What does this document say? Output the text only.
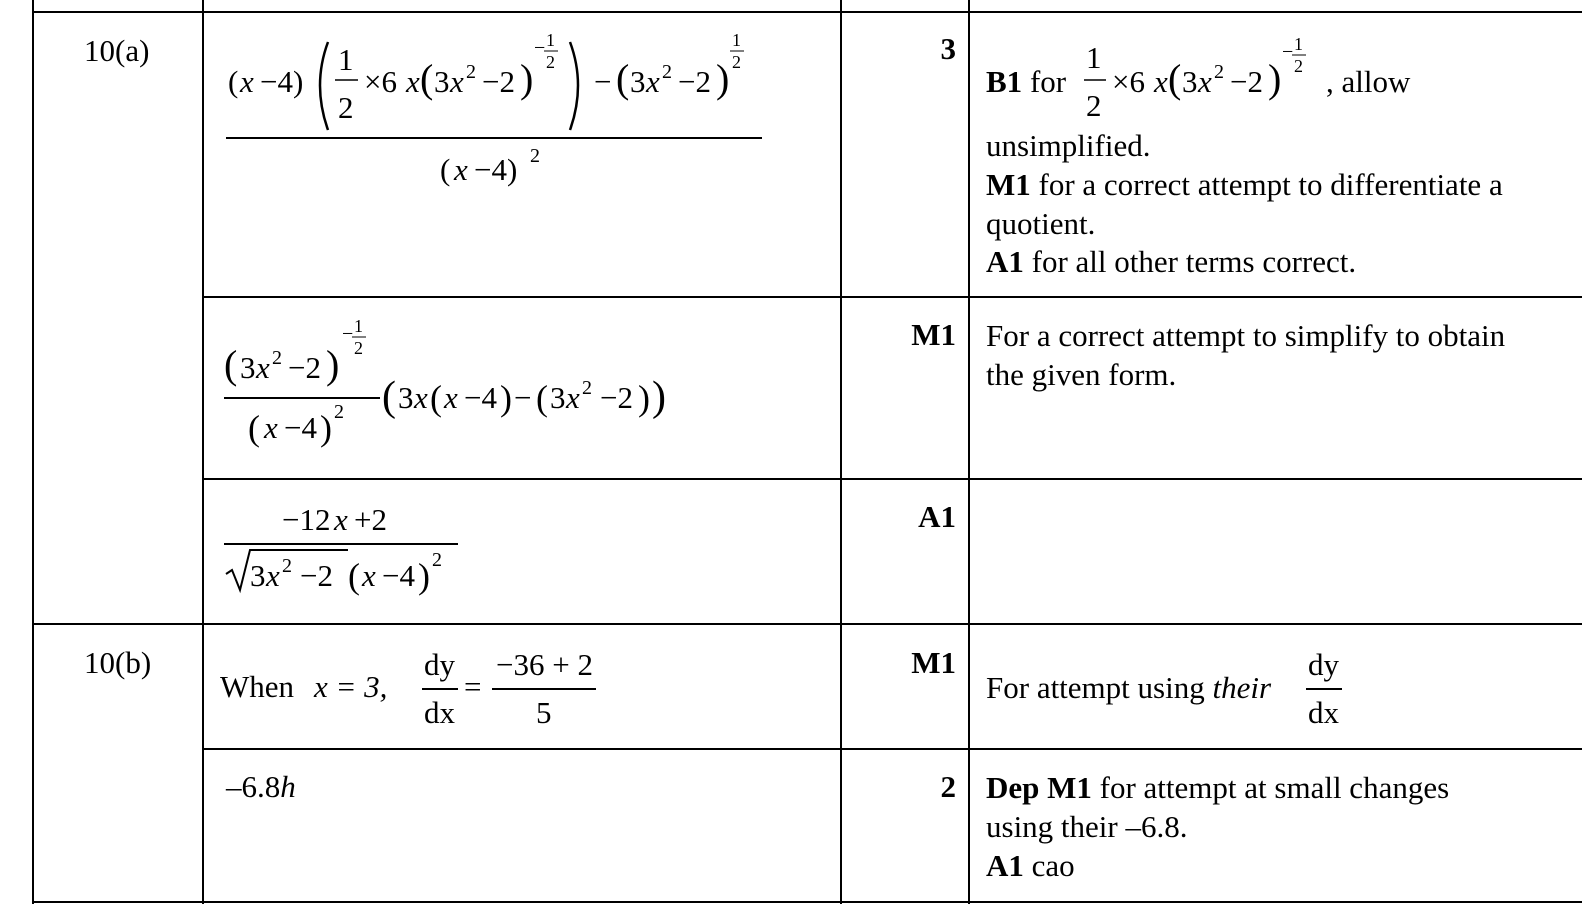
10(a)
( x −4)
1
2
×6 x ( 3 x 2 −2 )
− 1
2
− ( 3 x 2 −2 )
1
2
( x −4) 2
3
B1 for
1
2
×6 x ( 3 x 2 −2 )
− 1
2 , allow
unsimplified.
M1 for a correct attempt to differentiate a
quotient.
A1 for all other terms correct.
( 3 x 2 −2 )
− 1
2
( x −4 ) 2 ( 3 x ( x −4 ) − ( 3 x 2 −2 ) )
M1 For a correct attempt to simplify to obtain
the given form.
−12 x +2
3 x 2 −2 ( x −4 ) 2
A1
10(b)
When x = 3,
dy
dx
=
−36 + 2
5
M1
For attempt using their
dy
dx
–6.8h	2 Dep M1 for attempt at small changes
using their –6.8.
A1 cao
